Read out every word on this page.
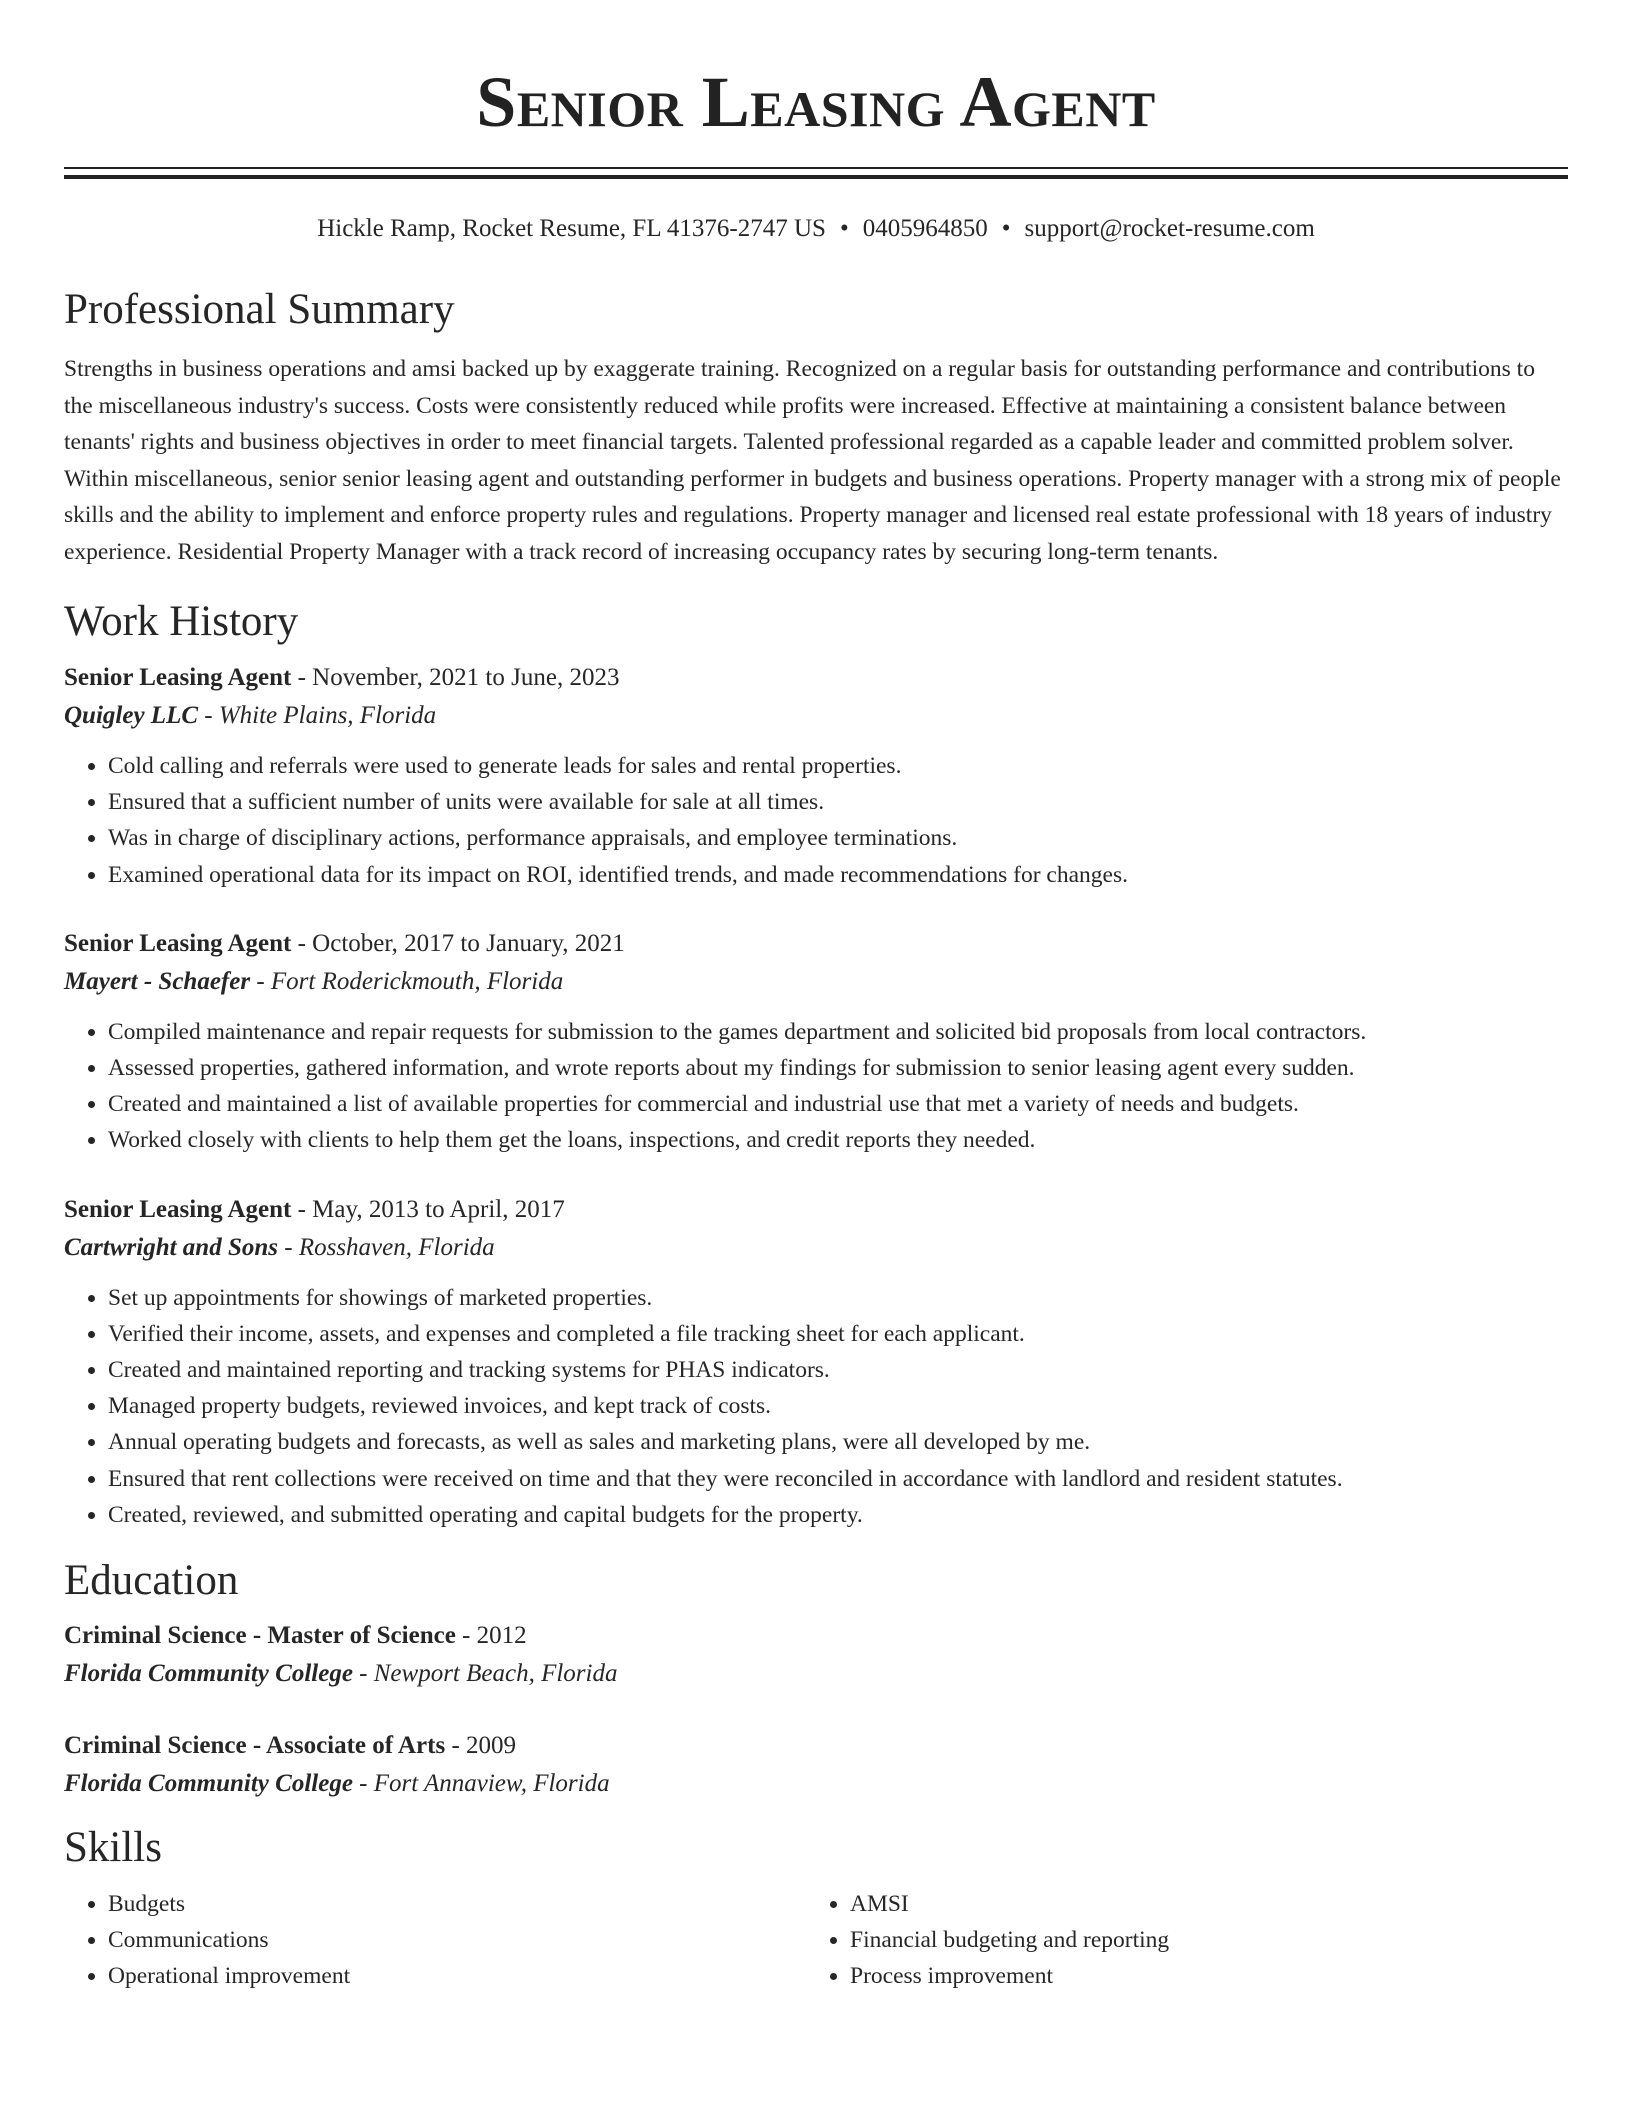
Senior Leasing Agent
Hickle Ramp, Rocket Resume, FL 41376-2747 US • 0405964850 • support@rocket-resume.com
Professional Summary

Strengths in business operations and amsi backed up by exaggerate training. Recognized on a regular basis for outstanding performance and contributions to the miscellaneous industry's success. Costs were consistently reduced while profits were increased. Effective at maintaining a consistent balance between tenants' rights and business objectives in order to meet financial targets. Talented professional regarded as a capable leader and committed problem solver. Within miscellaneous, senior senior leasing agent and outstanding performer in budgets and business operations. Property manager with a strong mix of people skills and the ability to implement and enforce property rules and regulations. Property manager and licensed real estate professional with 18 years of industry experience. Residential Property Manager with a track record of increasing occupancy rates by securing long-term tenants.

Work History
Senior Leasing Agent - November, 2021 to June, 2023
Quigley LLC - White Plains, Florida
• Cold calling and referrals were used to generate leads for sales and rental properties.
• Ensured that a sufficient number of units were available for sale at all times.
• Was in charge of disciplinary actions, performance appraisals, and employee terminations.
• Examined operational data for its impact on ROI, identified trends, and made recommendations for changes.
Senior Leasing Agent - October, 2017 to January, 2021
Mayert - Schaefer - Fort Roderickmouth, Florida
• Compiled maintenance and repair requests for submission to the games department and solicited bid proposals from local contractors.
• Assessed properties, gathered information, and wrote reports about my findings for submission to senior leasing agent every sudden.
• Created and maintained a list of available properties for commercial and industrial use that met a variety of needs and budgets.
• Worked closely with clients to help them get the loans, inspections, and credit reports they needed.
Senior Leasing Agent - May, 2013 to April, 2017
Cartwright and Sons - Rosshaven, Florida
• Set up appointments for showings of marketed properties.
• Verified their income, assets, and expenses and completed a file tracking sheet for each applicant.
• Created and maintained reporting and tracking systems for PHAS indicators.
• Managed property budgets, reviewed invoices, and kept track of costs.
• Annual operating budgets and forecasts, as well as sales and marketing plans, were all developed by me.
• Ensured that rent collections were received on time and that they were reconciled in accordance with landlord and resident statutes.
• Created, reviewed, and submitted operating and capital budgets for the property.
Education
Criminal Science - Master of Science - 2012
Florida Community College - Newport Beach, Florida
Criminal Science - Associate of Arts - 2009
Florida Community College - Fort Annaview, Florida
Skills
• Budgets
• Communications
• Operational improvement
• AMSI
• Financial budgeting and reporting
• Process improvement
